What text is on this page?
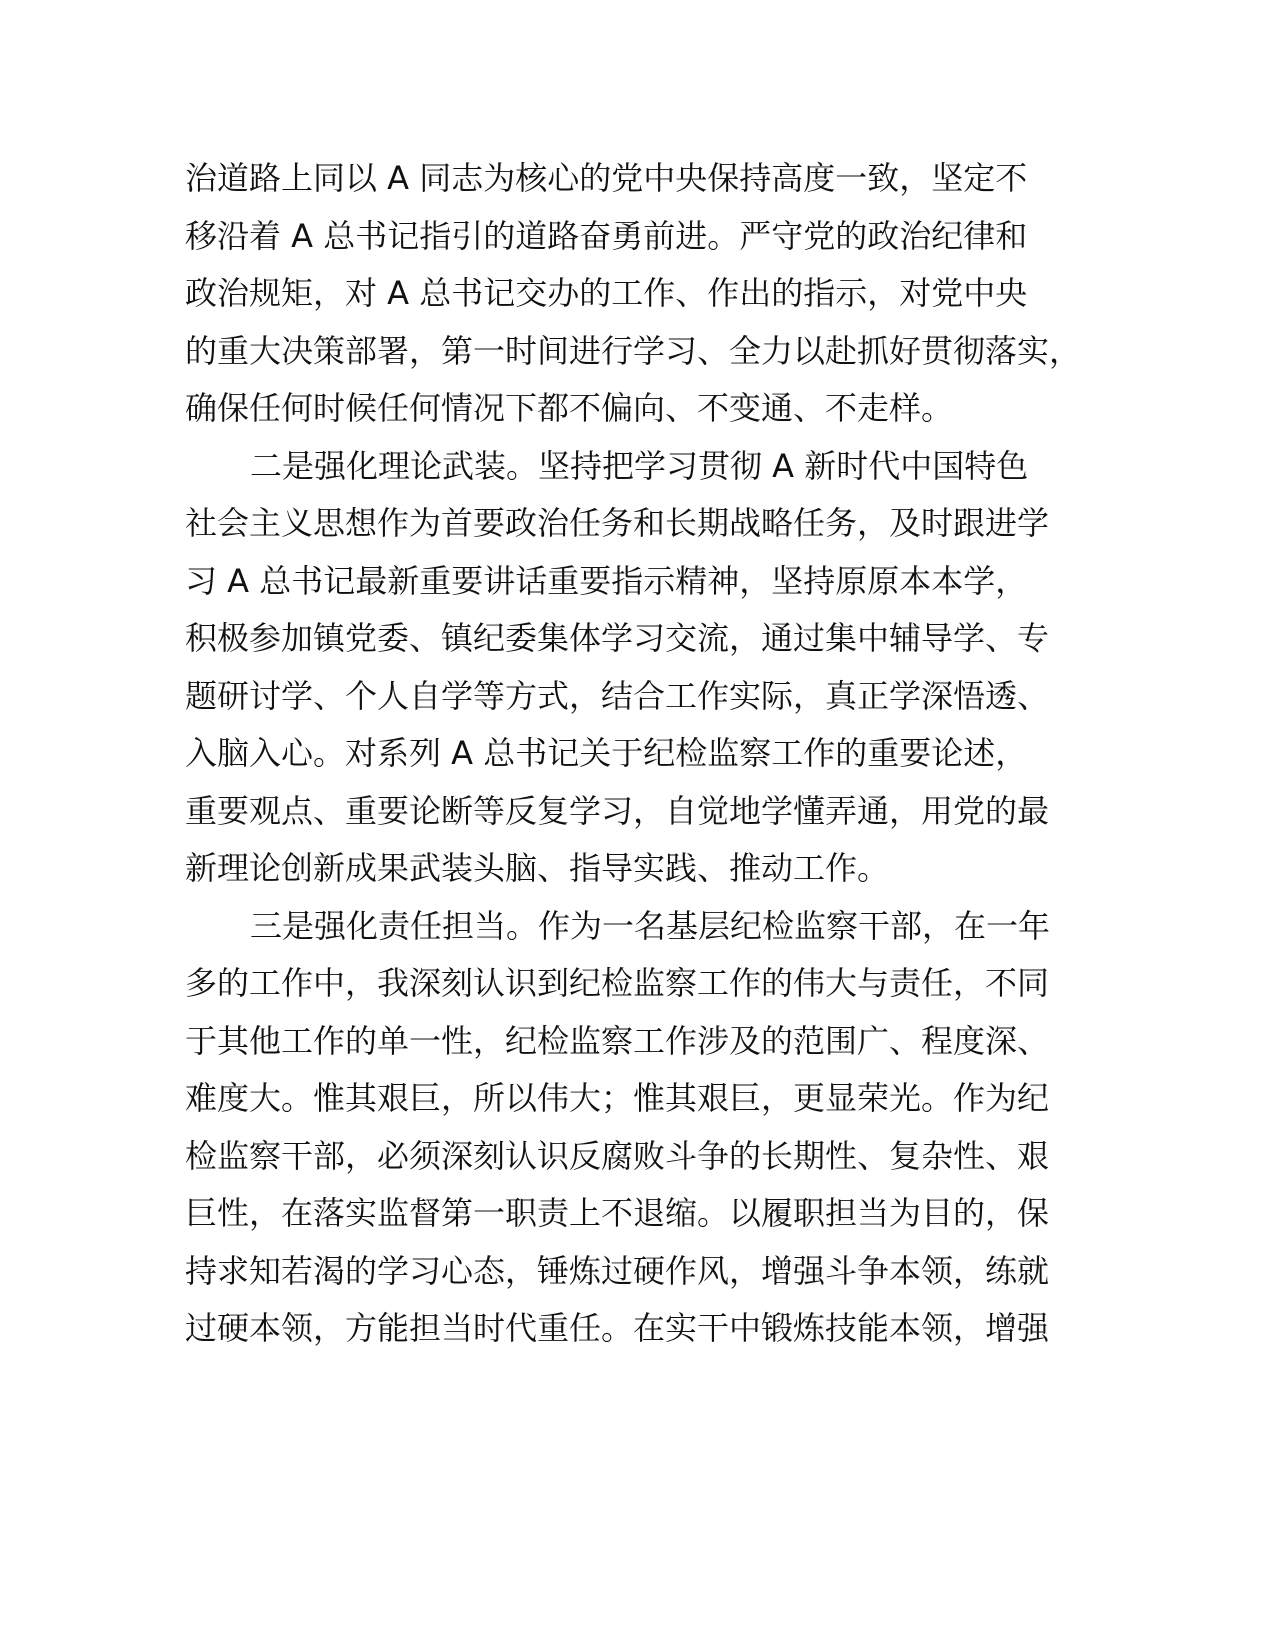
治道路上同以 A 同志为核心的党中央保持高度一致，坚定不
移沿着 A 总书记指引的道路奋勇前进。严守党的政治纪律和
政治规矩，对 A 总书记交办的工作、作出的指示，对党中央
的重大决策部署，第一时间进行学习、全力以赴抓好贯彻落实，
确保任何时候任何情况下都不偏向、不变通、不走样。
二是强化理论武装。坚持把学习贯彻 A 新时代中国特色
社会主义思想作为首要政治任务和长期战略任务，及时跟进学
习 A 总书记最新重要讲话重要指示精神，坚持原原本本学，
积极参加镇党委、镇纪委集体学习交流，通过集中辅导学、专
题研讨学、个人自学等方式，结合工作实际，真正学深悟透、
入脑入心。对系列 A 总书记关于纪检监察工作的重要论述，
重要观点、重要论断等反复学习，自觉地学懂弄通，用党的最
新理论创新成果武装头脑、指导实践、推动工作。
三是强化责任担当。作为一名基层纪检监察干部，在一年
多的工作中，我深刻认识到纪检监察工作的伟大与责任，不同
于其他工作的单一性，纪检监察工作涉及的范围广、程度深、
难度大。惟其艰巨，所以伟大；惟其艰巨，更显荣光。作为纪
检监察干部，必须深刻认识反腐败斗争的长期性、复杂性、艰
巨性，在落实监督第一职责上不退缩。以履职担当为目的，保
持求知若渴的学习心态，锤炼过硬作风，增强斗争本领，练就
过硬本领，方能担当时代重任。在实干中锻炼技能本领，增强
